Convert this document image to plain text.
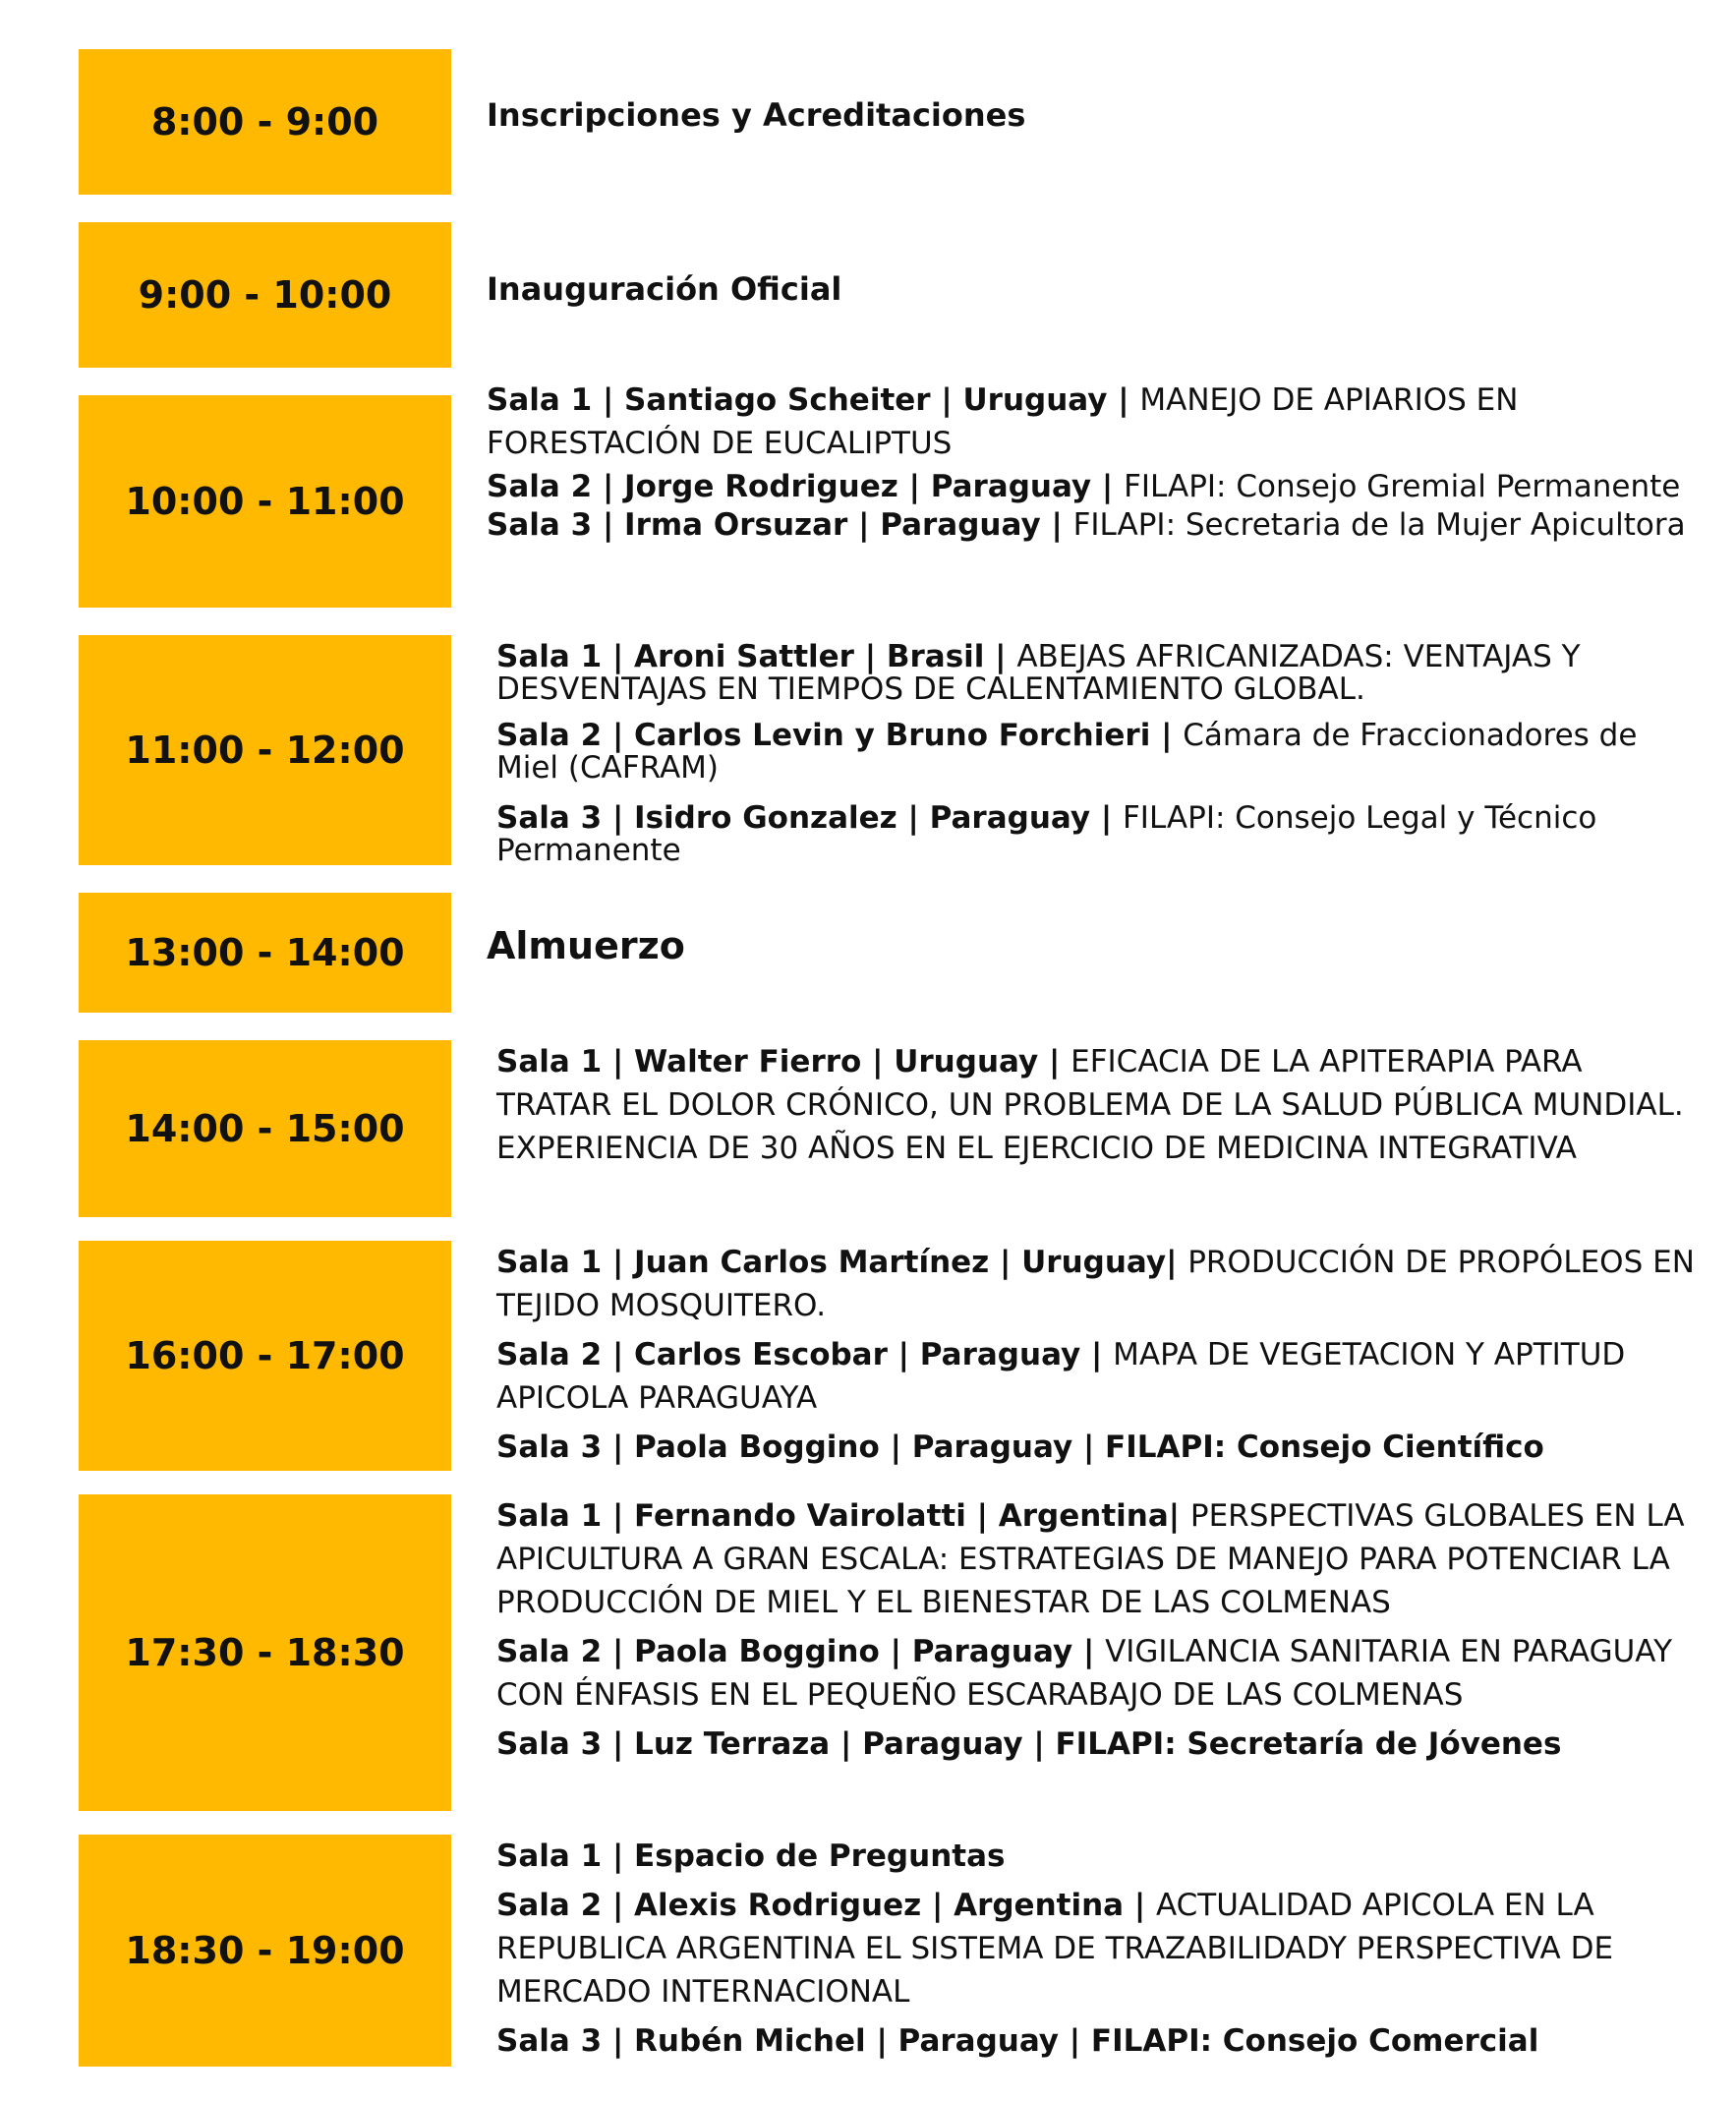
8:00 - 9:00	Inscripciones y Acreditaciones
9:00 - 10:00	Inauguración Oficial
10:00 - 11:00
Sala 1 | Santiago Scheiter | Uruguay | MANEJO DE APIARIOS EN FORESTACIÓN DE EUCALIPTUS
Sala 2 | Jorge Rodriguez | Paraguay | FILAPI: Consejo Gremial Permanente
Sala 3 | Irma Orsuzar | Paraguay | FILAPI: Secretaria de la Mujer Apicultora
11:00 - 12:00
Sala 1 | Aroni Sattler | Brasil | ABEJAS AFRICANIZADAS: VENTAJAS Y DESVENTAJAS EN TIEMPOS DE CALENTAMIENTO GLOBAL.
Sala 2 | Carlos Levin y Bruno Forchieri | Cámara de Fraccionadores de Miel (CAFRAM)
Sala 3 | Isidro Gonzalez | Paraguay | FILAPI: Consejo Legal y Técnico Permanente
13:00 - 14:00	Almuerzo
14:00 - 15:00
Sala 1 | Walter Fierro | Uruguay | EFICACIA DE LA APITERAPIA PARA TRATAR EL DOLOR CRÓNICO, UN PROBLEMA DE LA SALUD PÚBLICA MUNDIAL. EXPERIENCIA DE 30 AÑOS EN EL EJERCICIO DE MEDICINA INTEGRATIVA
16:00 - 17:00
Sala 1 | Juan Carlos Martínez | Uruguay| PRODUCCIÓN DE PROPÓLEOS EN TEJIDO MOSQUITERO.
Sala 2 | Carlos Escobar | Paraguay | MAPA DE VEGETACION Y APTITUD APICOLA PARAGUAYA
Sala 3 | Paola Boggino | Paraguay | FILAPI: Consejo Científico
17:30 - 18:30
Sala 1 | Fernando Vairolatti | Argentina| PERSPECTIVAS GLOBALES EN LA APICULTURA A GRAN ESCALA: ESTRATEGIAS DE MANEJO PARA POTENCIAR LA PRODUCCIÓN DE MIEL Y EL BIENESTAR DE LAS COLMENAS
Sala 2 | Paola Boggino | Paraguay | VIGILANCIA SANITARIA EN PARAGUAY CON ÉNFASIS EN EL PEQUEÑO ESCARABAJO DE LAS COLMENAS
Sala 3 | Luz Terraza | Paraguay | FILAPI: Secretaría de Jóvenes
18:30 - 19:00
Sala 1 | Espacio de Preguntas
Sala 2 | Alexis Rodriguez | Argentina | ACTUALIDAD APICOLA EN LA REPUBLICA ARGENTINA EL SISTEMA DE TRAZABILIDADY PERSPECTIVA DE MERCADO INTERNACIONAL
Sala 3 | Rubén Michel | Paraguay | FILAPI: Consejo Comercial
